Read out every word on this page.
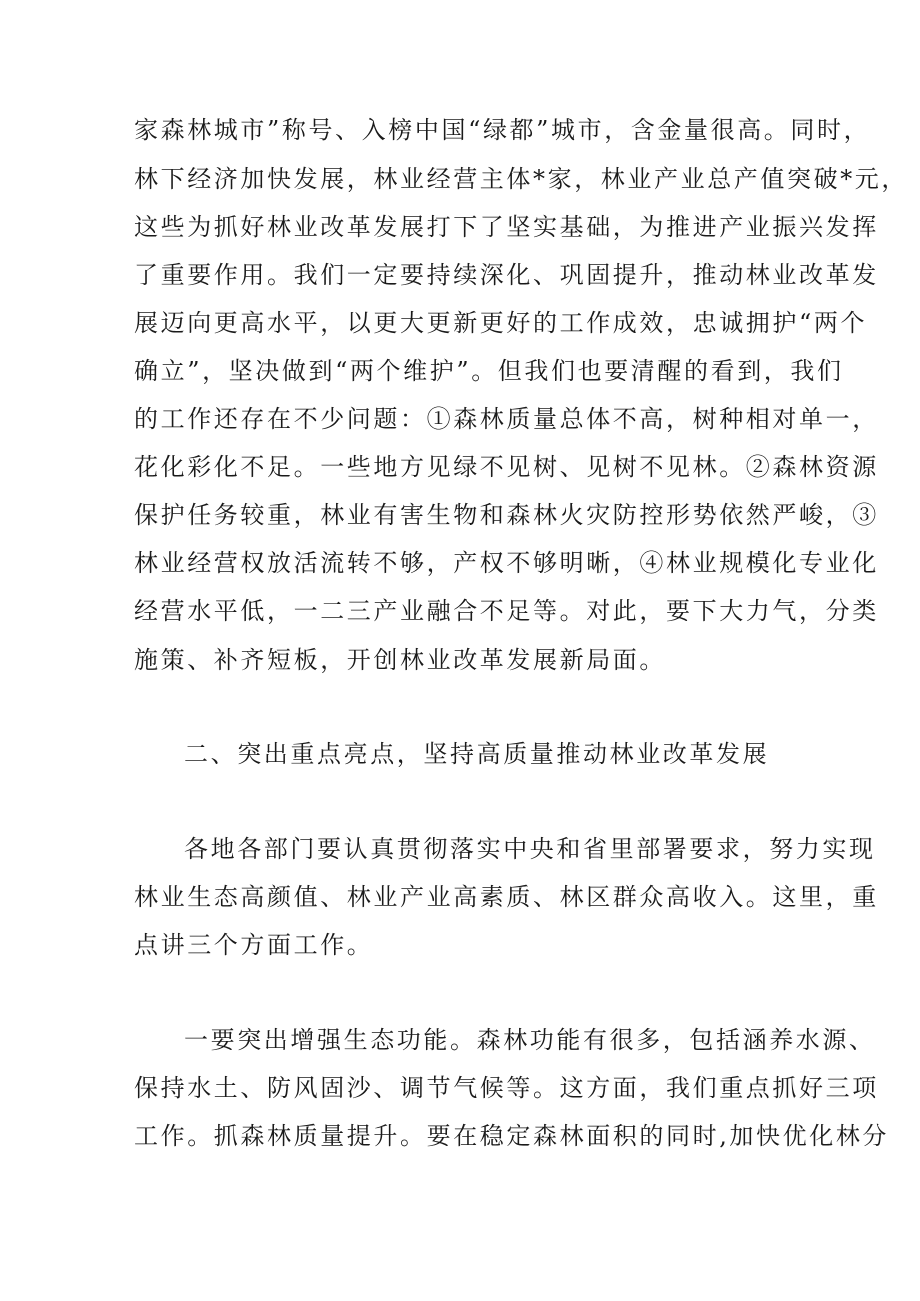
家森林城市”称号、入榜中国“绿都”城市，含金量很高。同时，
林下经济加快发展，林业经营主体*家，林业产业总产值突破*元，
这些为抓好林业改革发展打下了坚实基础，为推进产业振兴发挥
了重要作用。我们一定要持续深化、巩固提升，推动林业改革发
展迈向更高水平，以更大更新更好的工作成效，忠诚拥护“两个
确立”，坚决做到“两个维护”。但我们也要清醒的看到，我们
的工作还存在不少问题：①森林质量总体不高，树种相对单一，
花化彩化不足。一些地方见绿不见树、见树不见林。②森林资源
保护任务较重，林业有害生物和森林火灾防控形势依然严峻，③
林业经营权放活流转不够，产权不够明晰，④林业规模化专业化
经营水平低，一二三产业融合不足等。对此，要下大力气，分类
施策、补齐短板，开创林业改革发展新局面。
二、突出重点亮点，坚持高质量推动林业改革发展
各地各部门要认真贯彻落实中央和省里部署要求，努力实现
林业生态高颜值、林业产业高素质、林区群众高收入。这里，重
点讲三个方面工作。
一要突出增强生态功能。森林功能有很多，包括涵养水源、
保持水土、防风固沙、调节气候等。这方面，我们重点抓好三项
工作。抓森林质量提升。要在稳定森林面积的同时,加快优化林分
